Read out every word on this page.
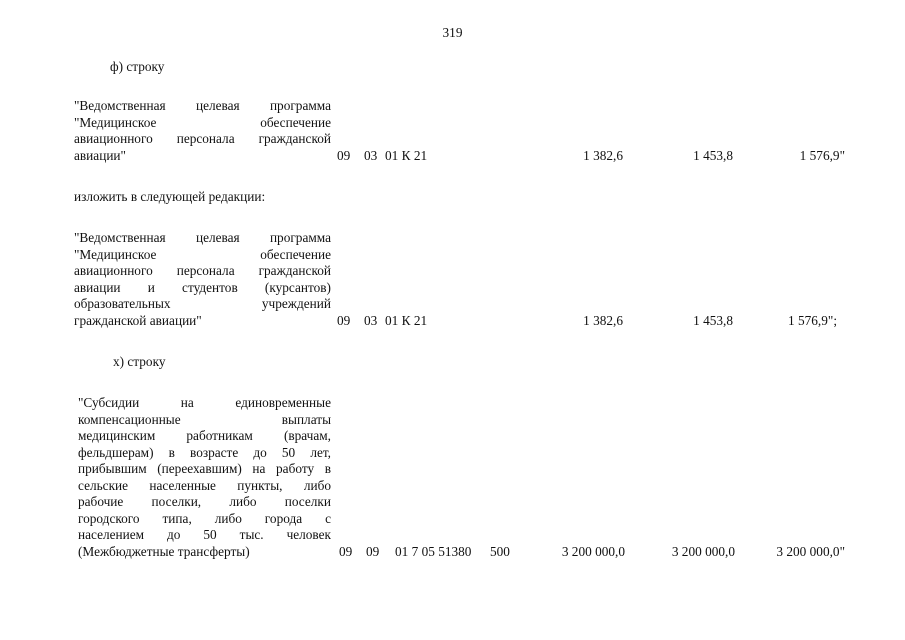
319
ф) строку
"Ведомственная целевая программа
"Медицинское обеспечение
авиационного персонала гражданской
авиации"	09 03 01 К 21	1 382,6	1 453,8	1 576,9"
изложить в следующей редакции:
"Ведомственная целевая программа
"Медицинское обеспечение
авиационного персонала гражданской
авиации и студентов (курсантов)
образовательных учреждений
гражданской авиации"	09 03 01 К 21	1 382,6	1 453,8	1 576,9";
х) строку
"Субсидии на единовременные
компенсационные выплаты
медицинским работникам (врачам,
фельдшерам) в возрасте до 50 лет,
прибывшим (переехавшим) на работу в
сельские населенные пункты, либо
рабочие поселки, либо поселки
городского типа, либо города с
населением до 50 тыс. человек
(Межбюджетные трансферты)	09 09 01 7 05 51380 500	3 200 000,0	3 200 000,0	3 200 000,0"
